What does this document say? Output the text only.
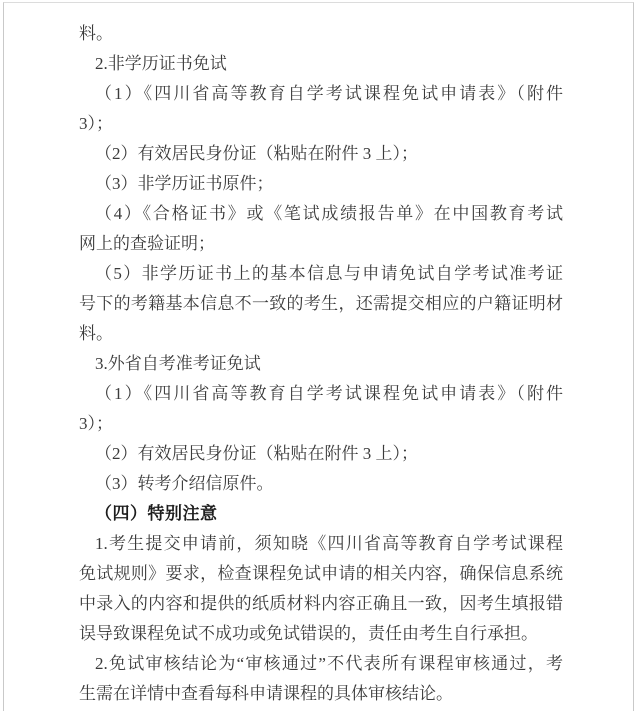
料。
2.非学历证书免试
（1）《四川省高等教育自学考试课程免试申请表》（附件
3）；
（2）有效居民身份证（粘贴在附件 3 上）；
（3）非学历证书原件；
（4）《合格证书》或《笔试成绩报告单》在中国教育考试
网上的查验证明；
（5）非学历证书上的基本信息与申请免试自学考试准考证
号下的考籍基本信息不一致的考生，还需提交相应的户籍证明材
料。
3.外省自考准考证免试
（1）《四川省高等教育自学考试课程免试申请表》（附件
3）；
（2）有效居民身份证（粘贴在附件 3 上）；
（3）转考介绍信原件。
（四）特别注意
1.考生提交申请前，须知晓《四川省高等教育自学考试课程
免试规则》要求，检查课程免试申请的相关内容，确保信息系统
中录入的内容和提供的纸质材料内容正确且一致，因考生填报错
误导致课程免试不成功或免试错误的，责任由考生自行承担。
2.免试审核结论为“审核通过”不代表所有课程审核通过，考
生需在详情中查看每科申请课程的具体审核结论。
